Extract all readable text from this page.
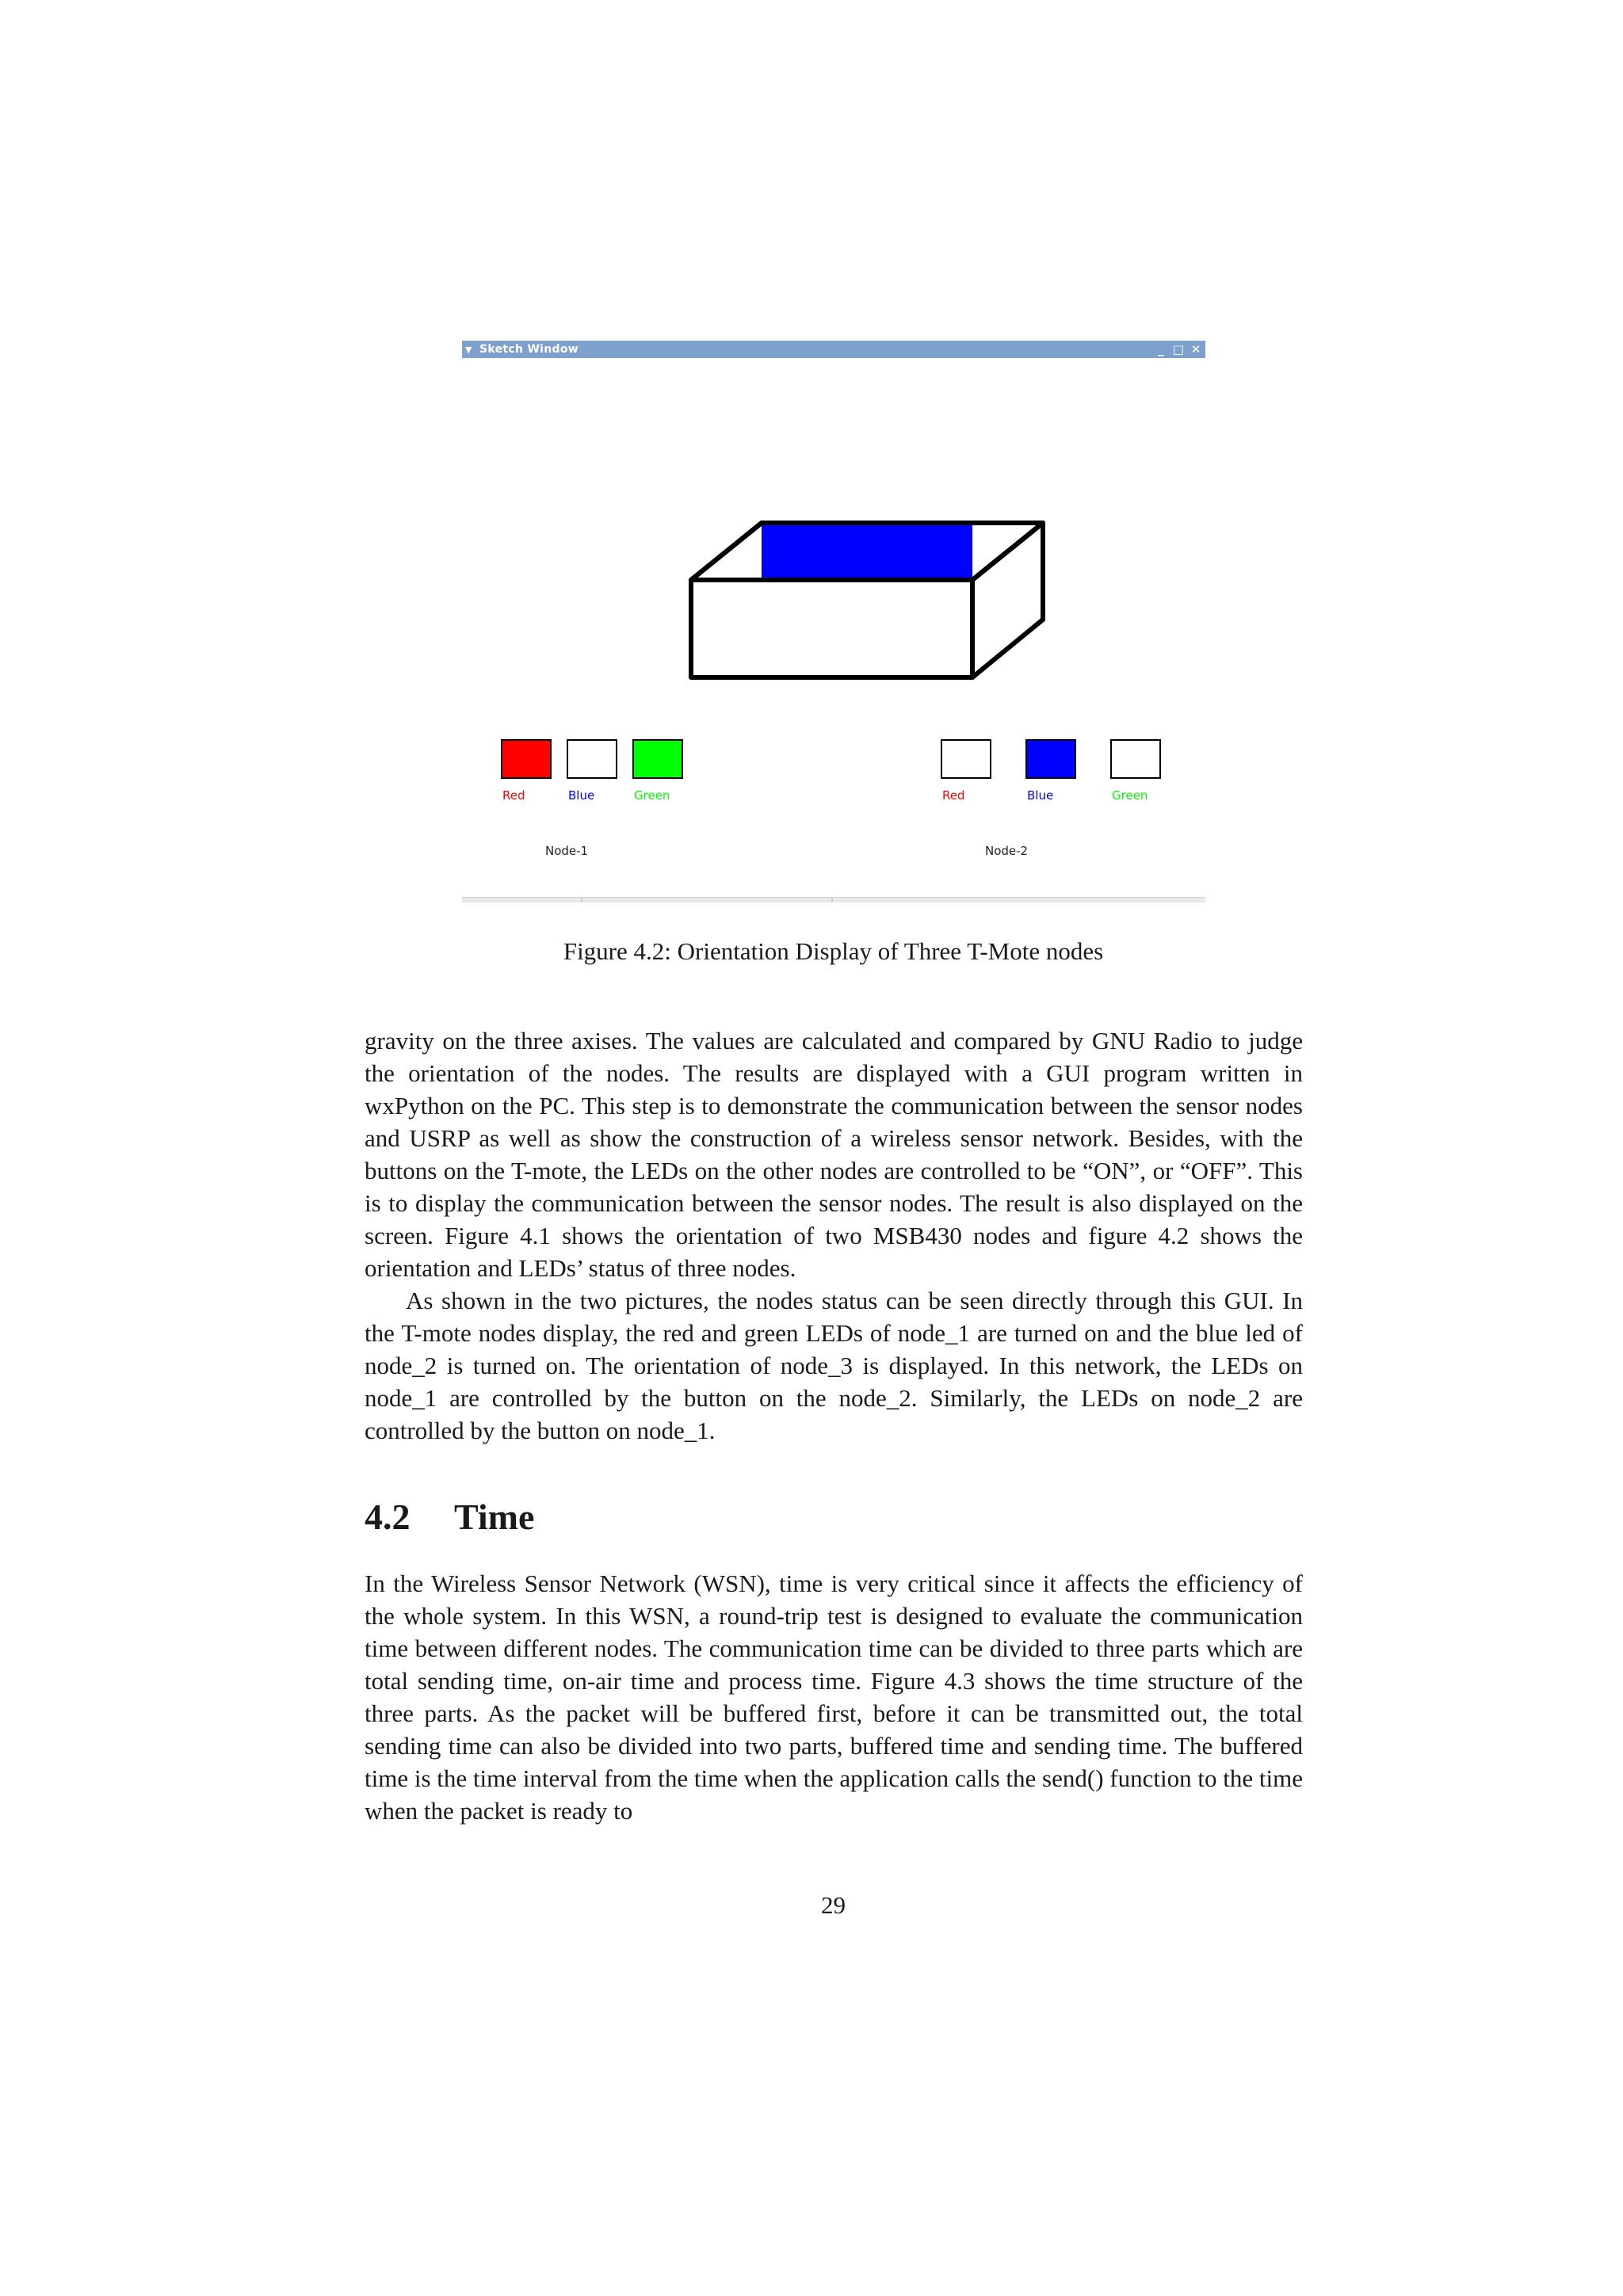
▼ Sketch Window	_ □ ✕
Red	Blue	Green
Node-1
Red	Blue	Green
Node-2
Figure 4.2: Orientation Display of Three T-Mote nodes

gravity on the three axises. The values are calculated and compared by GNU Radio to judge the orientation of the nodes. The results are displayed with a GUI program written in wxPython on the PC. This step is to demonstrate the communication between the sensor nodes and USRP as well as show the construction of a wireless sensor network. Besides, with the buttons on the T-mote, the LEDs on the other nodes are controlled to be “ON”, or “OFF”. This is to display the communication between the sensor nodes. The result is also displayed on the screen. Figure 4.1 shows the orientation of two MSB430 nodes and figure 4.2 shows the orientation and LEDs’ status of three nodes.

As shown in the two pictures, the nodes status can be seen directly through this GUI. In the T-mote nodes display, the red and green LEDs of node_1 are turned on and the blue led of node_2 is turned on. The orientation of node_3 is displayed. In this network, the LEDs on node_1 are controlled by the button on the node_2. Similarly, the LEDs on node_2 are controlled by the button on node_1.

4.2 Time

In the Wireless Sensor Network (WSN), time is very critical since it affects the efficiency of the whole system. In this WSN, a round-trip test is designed to evaluate the communication time between different nodes. The communication time can be divided to three parts which are total sending time, on-air time and process time. Figure 4.3 shows the time structure of the three parts. As the packet will be buffered first, before it can be transmitted out, the total sending time can also be divided into two parts, buffered time and sending time. The buffered time is the time interval from the time when the application calls the send() function to the time when the packet is ready to

29
